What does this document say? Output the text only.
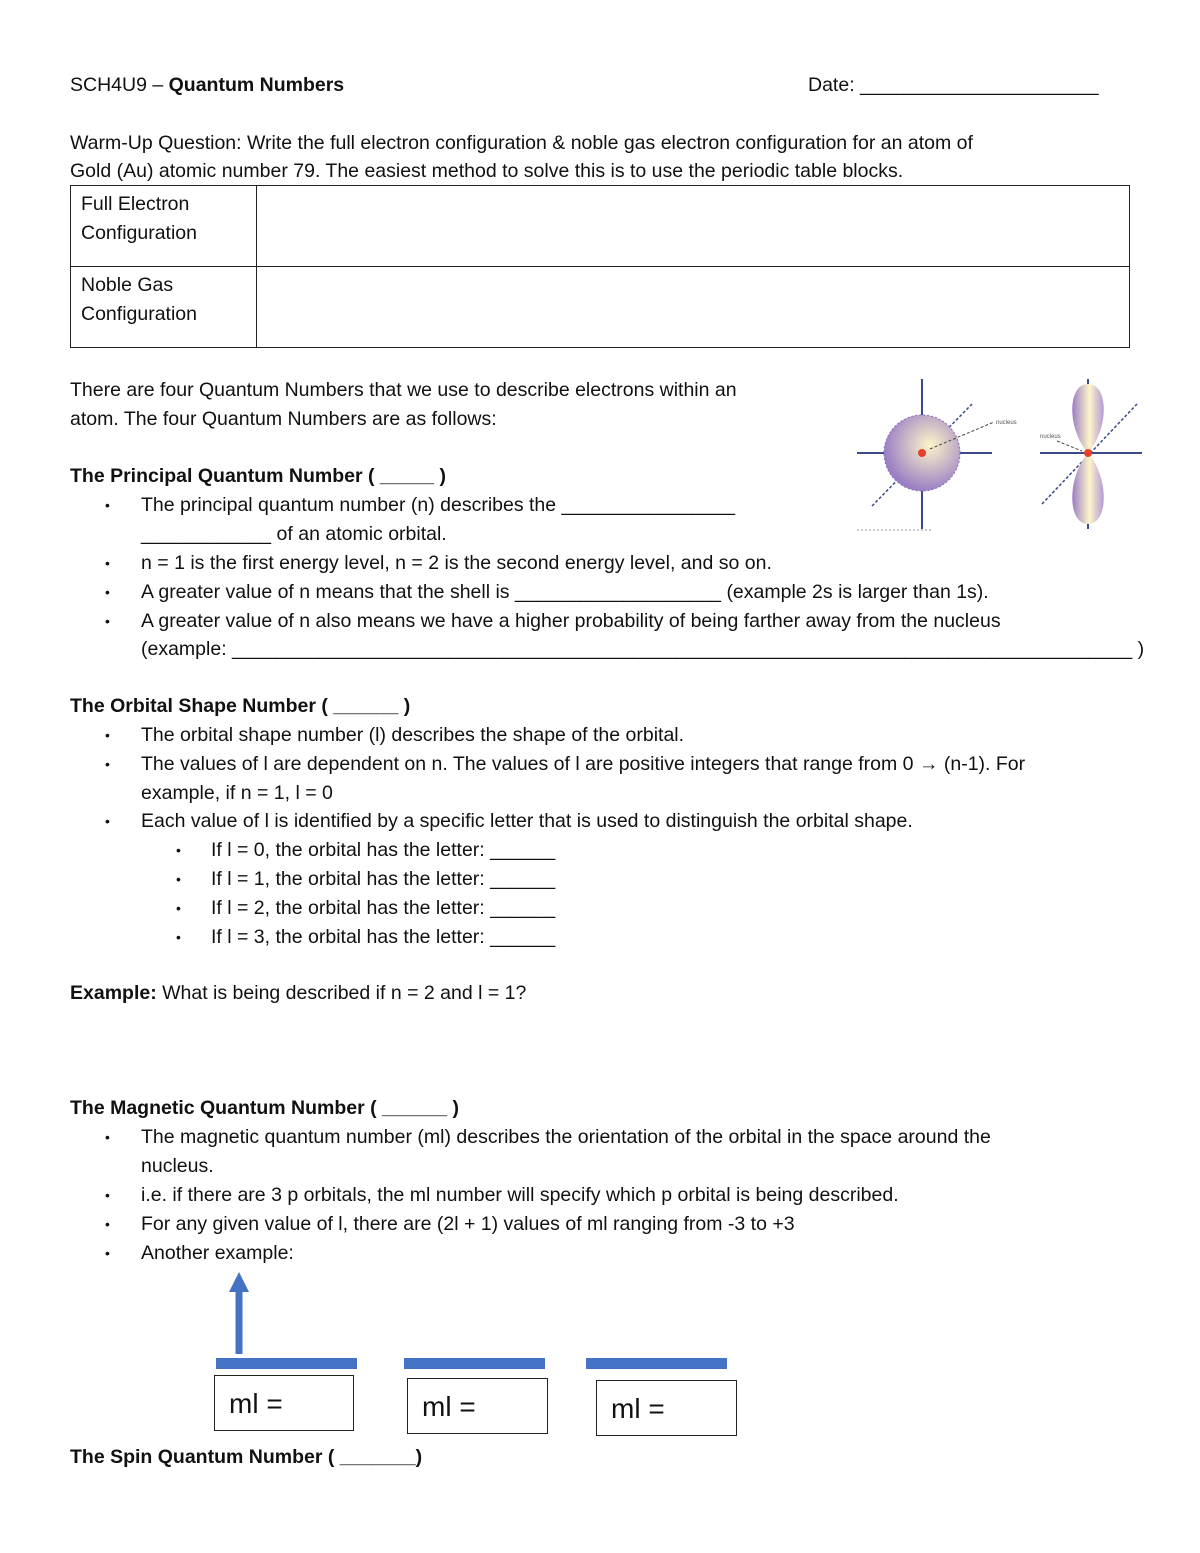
SCH4U9 – Quantum Numbers	Date: ______________________
Warm-Up Question: Write the full electron configuration & noble gas electron configuration for an atom of
Gold (Au) atomic number 79. The easiest method to solve this is to use the periodic table blocks.
Full Electron
Configuration	

Noble Gas
Configuration	

There are four Quantum Numbers that we use to describe electrons within an
atom. The four Quantum Numbers are as follows:	nucleus
nucleus
The Principal Quantum Number ( _____ )
• The principal quantum number (n) describes the ________________
____________ of an atomic orbital.
• n = 1 is the first energy level, n = 2 is the second energy level, and so on.
• A greater value of n means that the shell is ___________________ (example 2s is larger than 1s).
• A greater value of n also means we have a higher probability of being farther away from the nucleus
(example: ___________________________________________________________________________________ )
The Orbital Shape Number ( ______ )
• The orbital shape number (l) describes the shape of the orbital.
• The values of l are dependent on n. The values of l are positive integers that range from 0 → (n-1). For
example, if n = 1, l = 0
• Each value of l is identified by a specific letter that is used to distinguish the orbital shape.
• If l = 0, the orbital has the letter: ______
• If l = 1, the orbital has the letter: ______
• If l = 2, the orbital has the letter: ______
• If l = 3, the orbital has the letter: ______
Example: What is being described if n = 2 and l = 1?
The Magnetic Quantum Number ( ______ )
• The magnetic quantum number (ml) describes the orientation of the orbital in the space around the
nucleus.
• i.e. if there are 3 p orbitals, the ml number will specify which p orbital is being described.
• For any given value of l, there are (2l + 1) values of ml ranging from -3 to +3
• Another example:
ml =	ml =	ml =
The Spin Quantum Number ( _______)
